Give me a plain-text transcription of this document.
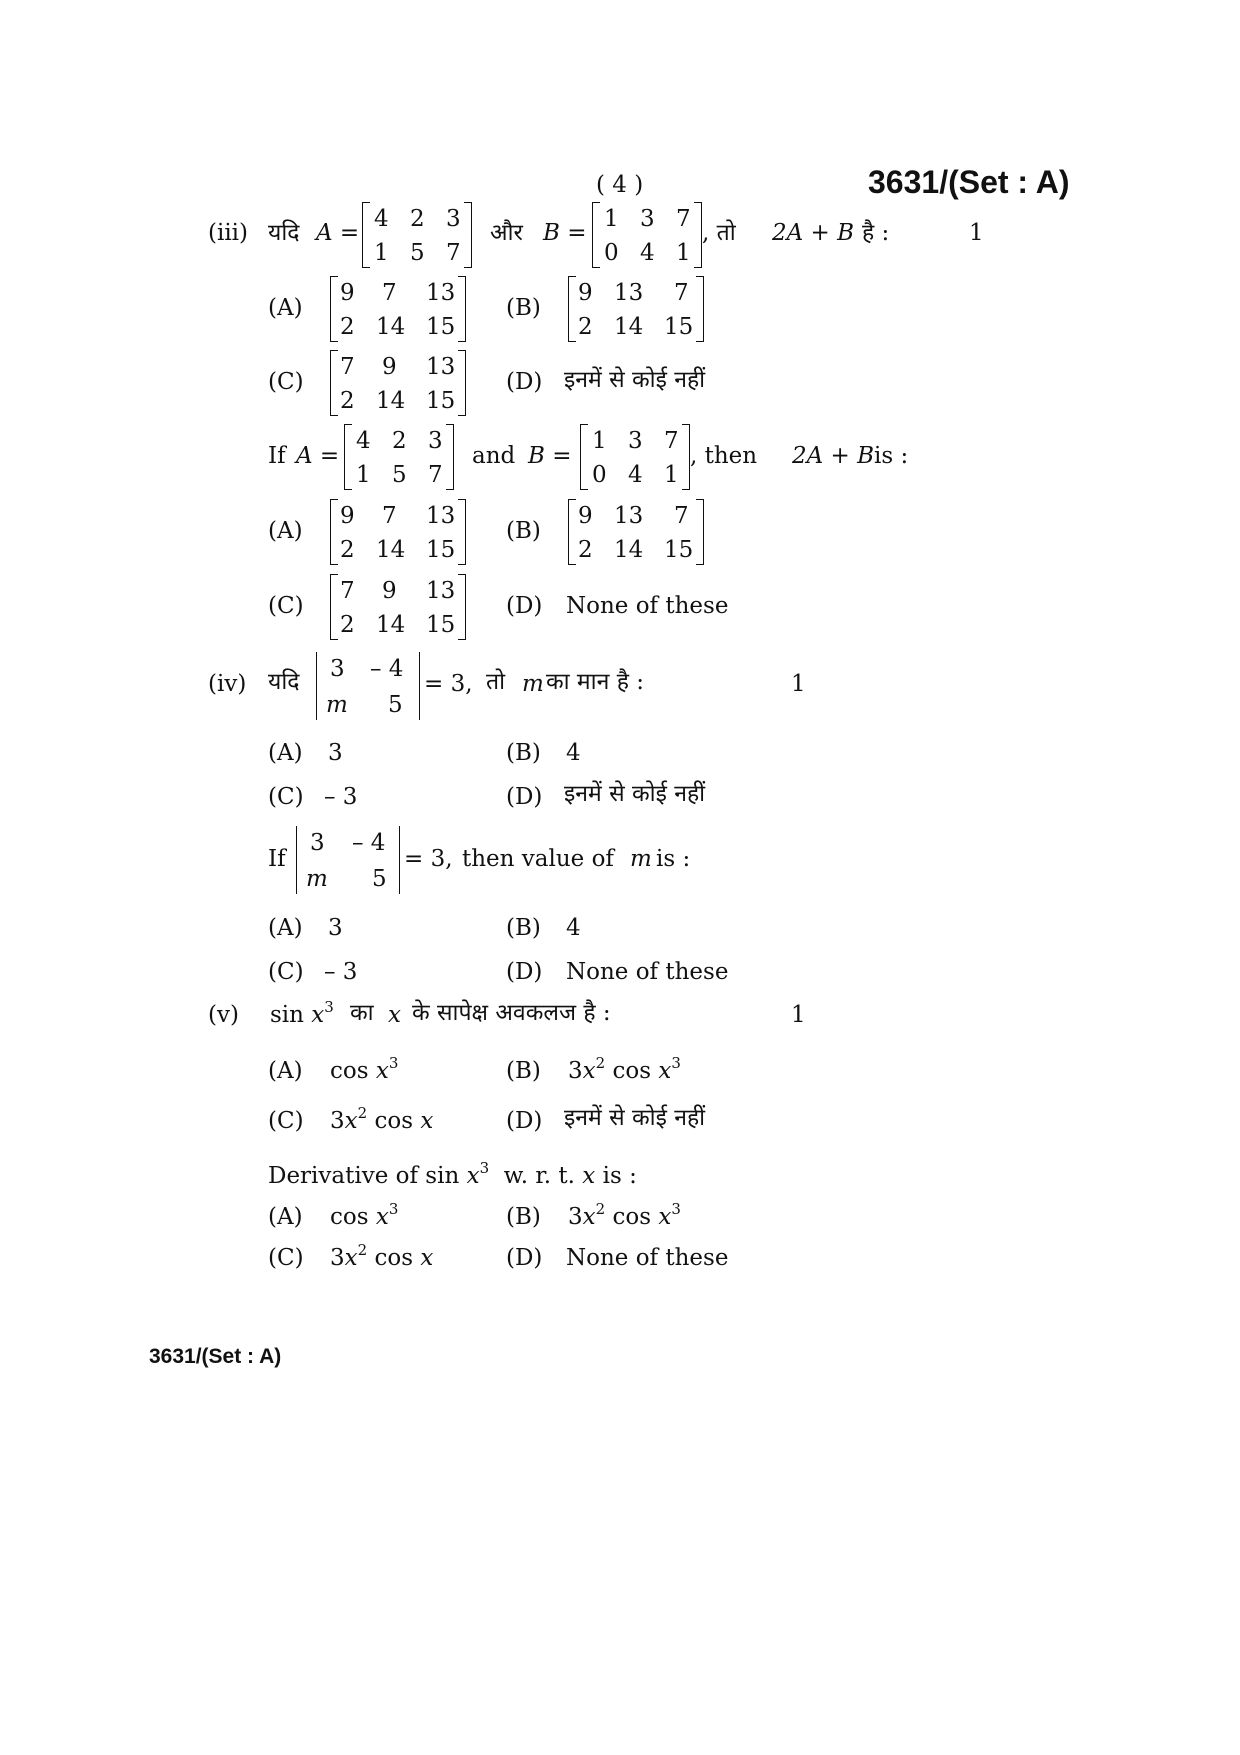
( 4 )	3631/(Set : A)
(iii) यदि A =
4 2 3
1 5 7
और B =
1 3 7
0 4 1
, तो 2A + B है :	1
(A)
9 7 13
2 14 15
(B)
9 13 7
2 14 15
(C)
7 9 13
2 14 15
(D) इनमें से कोई नहीं
If A =
4 2 3
1 5 7
and B =
1 3 7
0 4 1
, then 2A + B is :
(A)
9 7 13
2 14 15
(B)
9 13 7
2 14 15
(C)
7 9 13
2 14 15
(D) None of these
(iv) यदि 3 – 4
m 5
= 3, तो m का मान है :	1
(A) 3	(B) 4
(C) – 3	(D) इनमें से कोई नहीं
If
3 – 4
m 5
= 3, then value of m is :
(A) 3	(B) 4
(C) – 3	(D) None of these
(v) $\sin x^3$ का x के सापेक्ष अवकलज है :	1
(A) $\cos x^3$	(B) $3x^2$ $\cos x^3$
(C) $3x^2$ cos x	(D) इनमें से कोई नहीं
Derivative of $\sin x^3$ w. r. t. x is :
(A) $\cos x^3$	(B) $3x^2$ $\cos x^3$
(C) $3x^2$ cos x	(D) None of these
3631/(Set : A)
